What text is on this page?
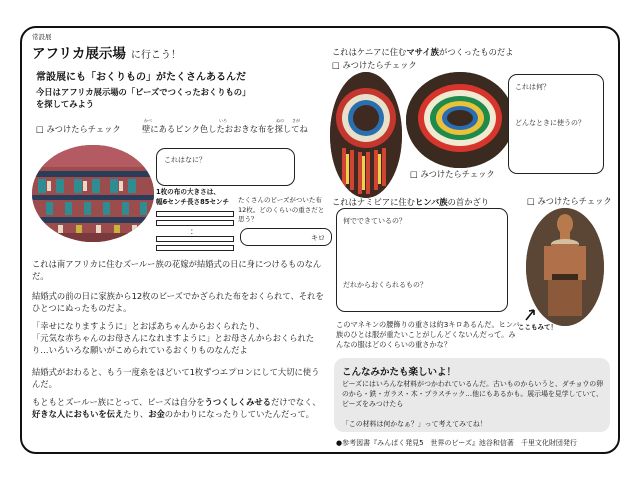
常設展
アフリカ展示場 に行こう！
常設展にも「おくりもの」がたくさんあるんだ
今日はアフリカ展示場の「ビーズでつくったおくりもの」
を探してみよう
□ みつけたらチェック	壁にあるピンク色したおおきな布を探してね
かべ	いろ	ぬの さが
これはなに？
1枚の布の大きさは、
幅6センチ長さ85センチ
：
たくさんのビーズがついた布12枚。どのくらいの重さだと思う？
キロ
これは南アフリカに住むズールー族の花嫁が結婚式の日に身につけるものなんだ。
結婚式の前の日に家族から12枚のビーズでかざられた布をおくられて、それをひとつにぬったものだよ。
「幸せになりますように」とおばあちゃんからおくられたり、
「元気な赤ちゃんのお母さんになれますように」とお母さんからおくられたり…いろいろな願いがこめられているおくりものなんだよ
結婚式がおわると、もう一度糸をほどいて1枚ずつエプロンにして大切に使うんだ。
もともとズールー族にとって、ビーズは自分をうつくしくみせるだけでなく、好きな人におもいを伝えたり、お金のかわりになったりしていたんだって。
これはケニアに住むマサイ族がつくったものだよ
□ みつけたらチェック
これは何？
どんなときに使うの？
□ みつけたらチェック
これはナミビアに住むヒンバ族の首かざり	□ みつけたらチェック
何でできているの？
だれからおくられるもの？
ここもみて！
このマネキンの腰飾りの重さは約3キロあるんだ。ヒンバ族のひとは服が重たいことがしんどくないんだって。みんなの服はどのくらいの重さかな？
こんなみかたも楽しいよ！
ビーズにはいろんな材料がつかわれているんだ。古いものからいうと、ダチョウの卵のから・鉄・ガラス・木・プラスチック…他にもあるかも。展示場を見学していて、ビーズをみつけたら
「この材料は何かなぁ？」って考えてみてね！
●参考図書『みんぱく発見5　世界のビーズ』池谷和信著　千里文化財団発行
